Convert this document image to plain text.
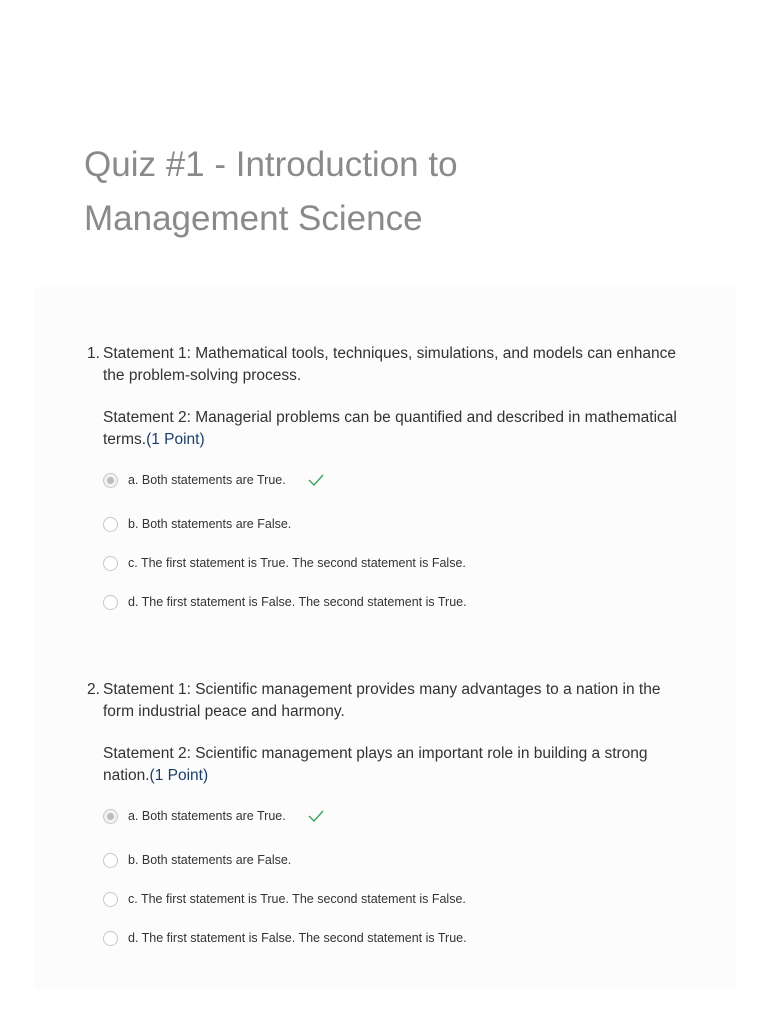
Quiz #1 - Introduction to Management Science
1. Statement 1: Mathematical tools, techniques, simulations, and models can enhance the problem-solving process.

Statement 2: Managerial problems can be quantified and described in mathematical terms.(1 Point)

a. Both statements are True.
b. Both statements are False.
c. The first statement is True. The second statement is False.
d. The first statement is False. The second statement is True.
2. Statement 1: Scientific management provides many advantages to a nation in the form industrial peace and harmony.

Statement 2: Scientific management plays an important role in building a strong nation.(1 Point)

a. Both statements are True.
b. Both statements are False.
c. The first statement is True. The second statement is False.
d. The first statement is False. The second statement is True.
